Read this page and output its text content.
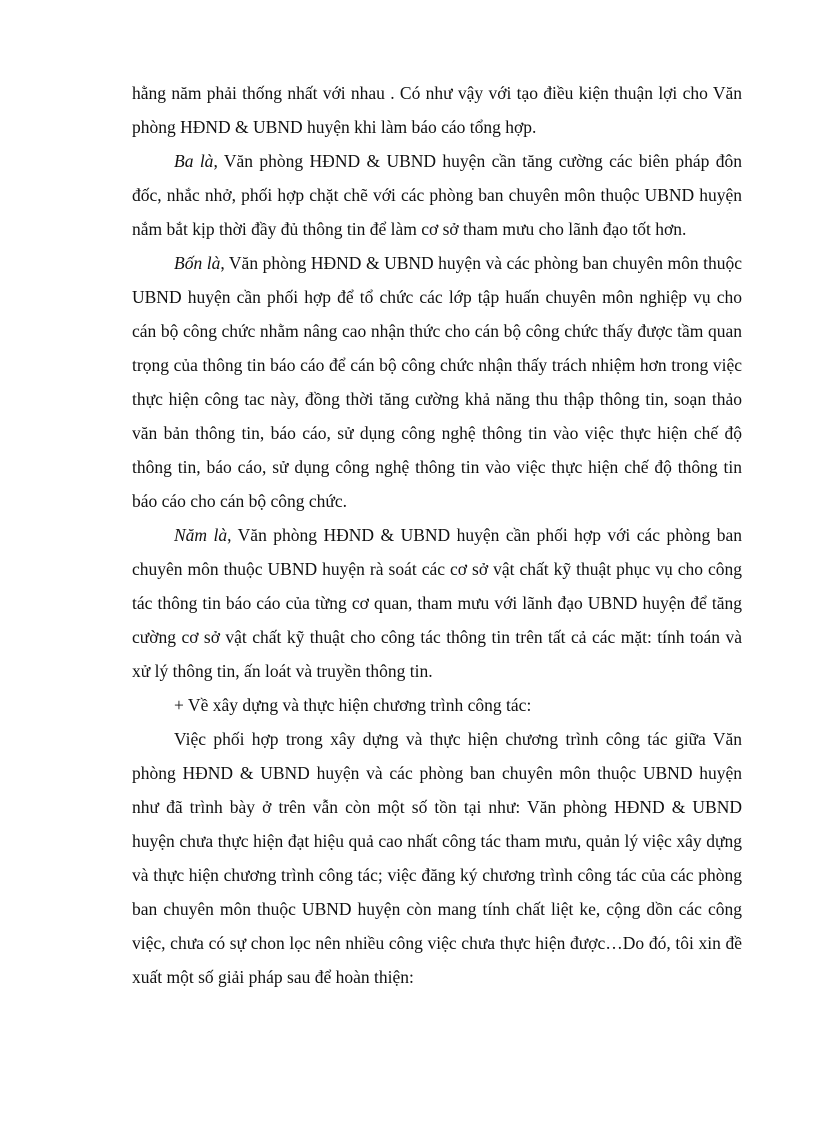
hằng năm phải thống nhất với nhau . Có như vậy với tạo điều kiện thuận lợi cho Văn phòng HĐND & UBND huyện khi làm báo cáo tổng hợp.

Ba là, Văn phòng HĐND & UBND huyện cần tăng cường các biên pháp đôn đốc, nhắc nhở, phối hợp chặt chẽ với các phòng ban chuyên môn thuộc UBND huyện nắm bắt kịp thời đầy đủ thông tin để làm cơ sở tham mưu cho lãnh đạo tốt hơn.

Bốn là, Văn phòng HĐND & UBND huyện và các phòng ban chuyên môn thuộc UBND huyện cần phối hợp để tổ chức các lớp tập huấn chuyên môn nghiệp vụ cho cán bộ công chức nhằm nâng cao nhận thức cho cán bộ công chức thấy được tầm quan trọng của thông tin báo cáo để cán bộ công chức nhận thấy trách nhiệm hơn trong việc thực hiện công tac này, đồng thời tăng cường khả năng thu thập thông tin, soạn thảo văn bản thông tin, báo cáo, sử dụng công nghệ thông tin vào việc thực hiện chế độ thông tin, báo cáo, sử dụng công nghệ thông tin vào việc thực hiện chế độ thông tin báo cáo cho cán bộ công chức.

Năm là, Văn phòng HĐND & UBND huyện cần phối hợp với các phòng ban chuyên môn thuộc UBND huyện rà soát các cơ sở vật chất kỹ thuật phục vụ cho công tác thông tin báo cáo của từng cơ quan, tham mưu với lãnh đạo UBND huyện để tăng cường cơ sở vật chất kỹ thuật cho công tác thông tin trên tất cả các mặt: tính toán và xử lý thông tin, ấn loát và truyền thông tin.

+ Về xây dựng và thực hiện chương trình công tác:

Việc phối hợp trong xây dựng và thực hiện chương trình công tác giữa Văn phòng HĐND & UBND huyện và các phòng ban chuyên môn thuộc UBND huyện như đã trình bày ở trên vẫn còn một số tồn tại như: Văn phòng HĐND & UBND huyện chưa thực hiện đạt hiệu quả cao nhất công tác tham mưu, quản lý việc xây dựng và thực hiện chương trình công tác; việc đăng ký chương trình công tác của các phòng ban chuyên môn thuộc UBND huyện còn mang tính chất liệt ke, cộng dồn các công việc, chưa có sự chon lọc nên nhiều công việc chưa thực hiện được…Do đó, tôi xin đề xuất một số giải pháp sau để hoàn thiện:
